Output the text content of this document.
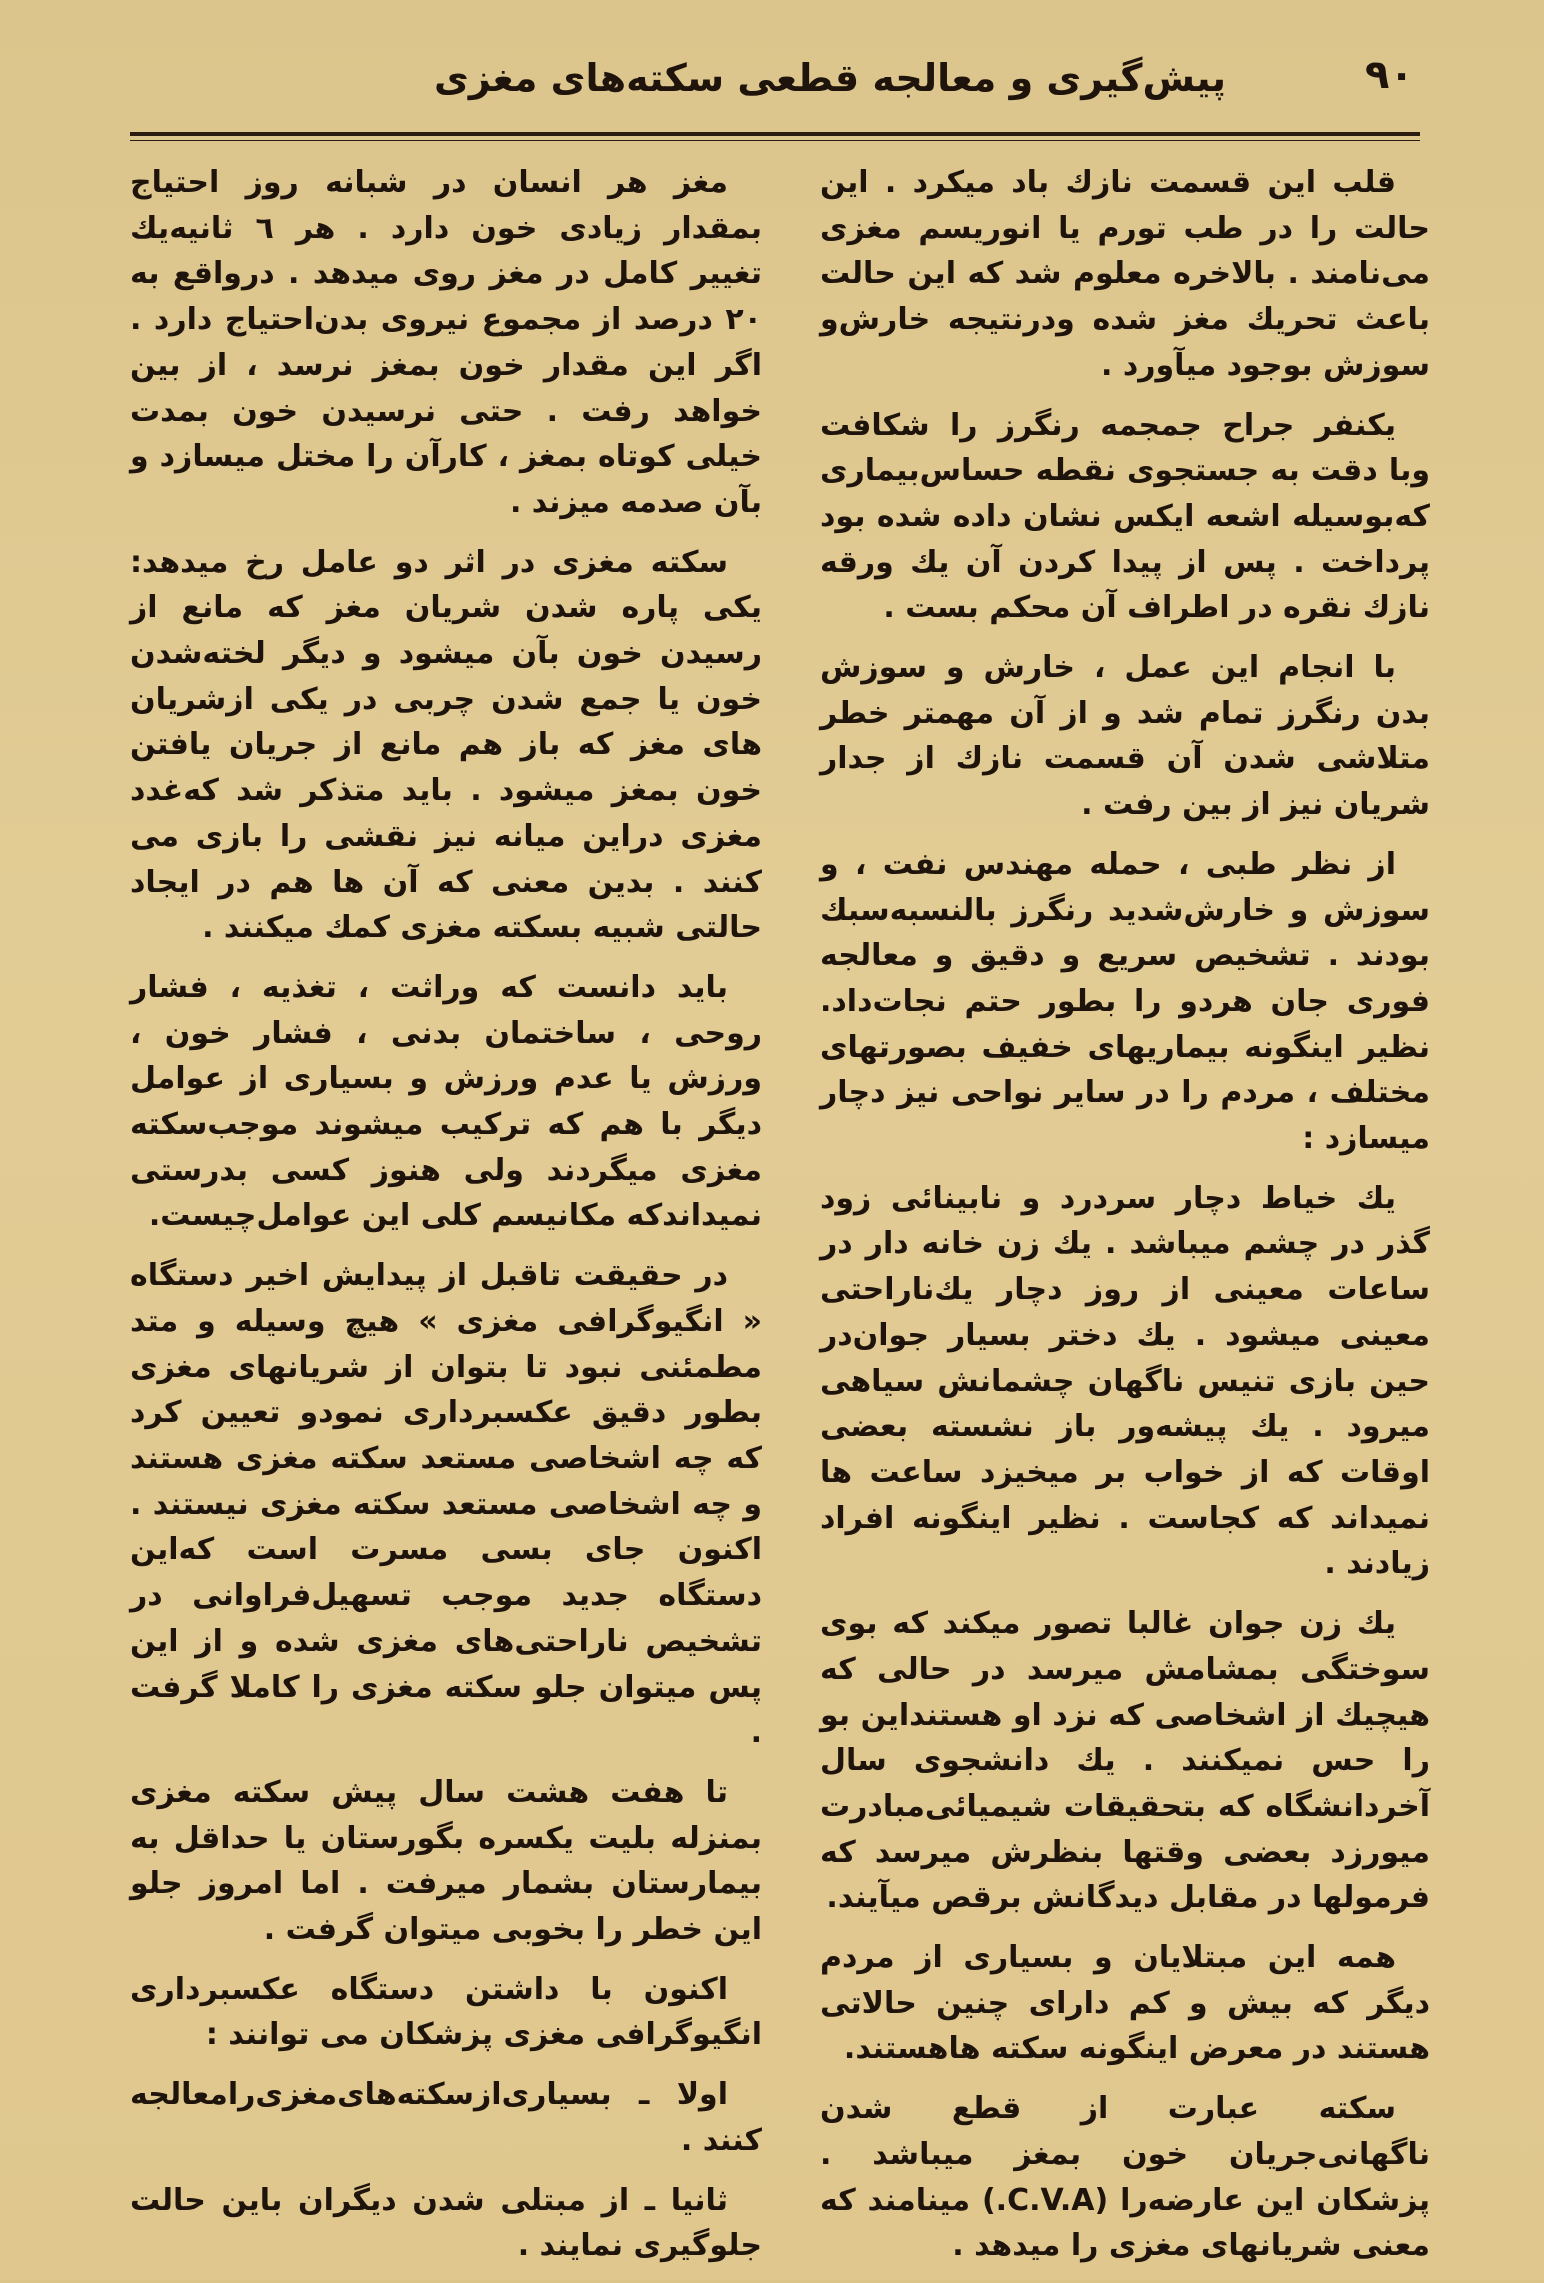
پیش‌گیری و معالجه قطعی سکته‌های مغزی	۹۰

قلب این قسمت نازك باد میکرد . این حالت را در طب تورم یا انوریسم مغزی می‌نامند . بالاخره معلوم شد که این حالت باعث تحریك مغز شده ودرنتیجه خارش‌و سوزش بوجود میآورد .

یکنفر جراح جمجمه رنگرز را شکافت وبا دقت به جستجوی نقطه حساس‌بیماری که‌بوسیله اشعه ایکس نشان داده شده بود پرداخت . پس از پیدا کردن آن یك ورقه نازك نقره در اطراف آن محکم بست .

با انجام این عمل ، خارش و سوزش بدن رنگرز تمام شد و از آن مهمتر خطر متلاشی شدن آن قسمت نازك از جدار شریان نیز از بین رفت .

از نظر طبی ، حمله مهندس نفت ، و سوزش و خارش‌شدید رنگرز بالنسبه‌سبك بودند . تشخیص سریع و دقیق و معالجه فوری جان هردو را بطور حتم نجات‌داد. نظیر اینگونه بیماریهای خفیف بصورتهای مختلف ، مردم را در سایر نواحی نیز دچار میسازد :

یك خیاط دچار سردرد و نابینائی زود گذر در چشم میباشد . یك زن خانه دار در ساعات معینی از روز دچار یك‌ناراحتی معینی میشود . یك دختر بسیار جوان‌در حین بازی تنیس ناگهان چشمانش سیاهی میرود . یك پیشه‌ور باز نشسته بعضی اوقات که از خواب بر میخیزد ساعت ها نمیداند که کجاست . نظیر اینگونه افراد زیادند .

یك زن جوان غالبا تصور میکند که بوی سوختگی بمشامش میرسد در حالی که هیچیك از اشخاصی که نزد او هستنداین بو را حس نمیکنند . یك دانشجوی سال آخردانشگاه که بتحقیقات شیمیائی‌مبادرت میورزد بعضی وقتها بنظرش میرسد که فرمولها در مقابل دیدگانش برقص میآیند.

همه این مبتلایان و بسیاری از مردم دیگر که بیش و کم دارای چنین حالاتی هستند در معرض اینگونه سکته هاهستند.

سکته عبارت از قطع شدن ناگهانی‌جریان خون بمغز میباشد . پزشکان این عارضه‌را (C.V.A.) مینامند که معنی شریانهای مغزی را میدهد .

مغز هر انسان در شبانه روز احتیاج بمقدار زیادی خون دارد . هر ٦ ثانیه‌یك تغییر کامل در مغز روی میدهد . درواقع به ۲۰ درصد از مجموع نیروی بدن‌احتیاج دارد . اگر این مقدار خون بمغز نرسد ، از بین خواهد رفت . حتی نرسیدن خون بمدت خیلی کوتاه بمغز ، کارآن را مختل میسازد و بآن صدمه میزند .

سکته مغزی در اثر دو عامل رخ میدهد: یکی پاره شدن شریان مغز که مانع از رسیدن خون بآن میشود و دیگر لخته‌شدن خون یا جمع شدن چربی در یکی ازشریان های مغز که باز هم مانع از جریان یافتن خون بمغز میشود . باید متذکر شد که‌غدد مغزی دراین میانه نیز نقشی را بازی می کنند . بدین معنی که آن ها هم در ایجاد حالتی شبیه بسکته مغزی کمك میکنند .

باید دانست که وراثت ، تغذیه ، فشار روحی ، ساختمان بدنی ، فشار خون ، ورزش یا عدم ورزش و بسیاری از عوامل دیگر با هم که ترکیب میشوند موجب‌سکته مغزی میگردند ولی هنوز کسی بدرستی نمیداندکه مکانیسم کلی این عوامل‌چیست.

در حقیقت تاقبل از پیدایش اخیر دستگاه « انگیوگرافی مغزی » هیچ وسیله و متد مطمئنی نبود تا بتوان از شریانهای مغزی بطور دقیق عکسبرداری نمودو تعیین کرد که چه اشخاصی مستعد سکته مغزی هستند و چه اشخاصی مستعد سکته مغزی نیستند . اکنون جای بسی مسرت است که‌این دستگاه جدید موجب تسهیل‌فراوانی در تشخیص ناراحتی‌های مغزی شده و از این پس میتوان جلو سکته مغزی را کاملا گرفت .

تا هفت هشت سال پیش سکته مغزی بمنزله بلیت یکسره بگورستان یا حداقل به بیمارستان بشمار میرفت . اما امروز جلو این خطر را بخوبی میتوان گرفت .

اکنون با داشتن دستگاه عکسبرداری انگیوگرافی مغزی پزشکان می توانند :

اولا ـ بسیاری‌ازسکته‌های‌مغزی‌رامعالجه کنند .

ثانیا ـ از مبتلی شدن دیگران باین حالت جلوگیری نمایند .
